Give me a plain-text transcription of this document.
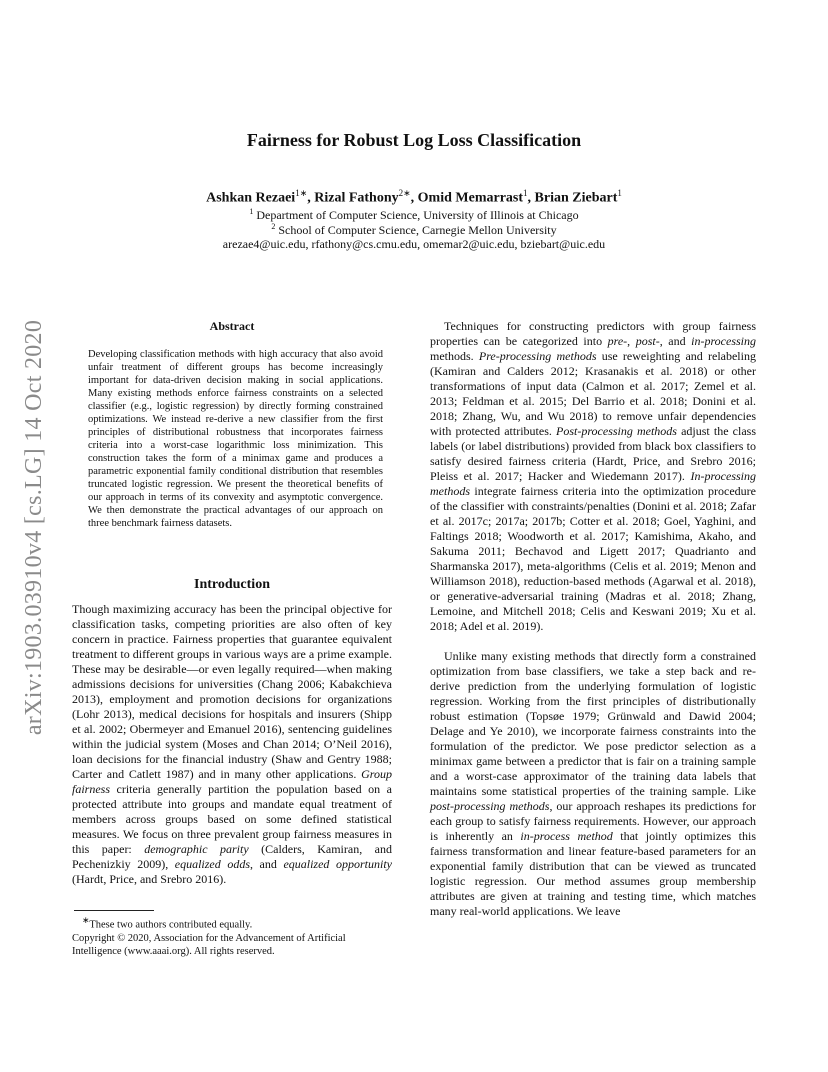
arXiv:1903.03910v4 [cs.LG] 14 Oct 2020
Fairness for Robust Log Loss Classification
Ashkan Rezaei$^{1∗}$, Rizal Fathony$^{2∗}$, Omid Memarrast$^1$, Brian Ziebart$^1$
$^1$ Department of Computer Science, University of Illinois at Chicago
$^2$ School of Computer Science, Carnegie Mellon University
arezae4@uic.edu, rfathony@cs.cmu.edu, omemar2@uic.edu, bziebart@uic.edu
Abstract

Developing classification methods with high accuracy that also avoid unfair treatment of different groups has become increasingly important for data-driven decision making in social applications. Many existing methods enforce fairness constraints on a selected classifier (e.g., logistic regression) by directly forming constrained optimizations. We instead re-derive a new classifier from the first principles of distributional robustness that incorporates fairness criteria into a worst-case logarithmic loss minimization. This construction takes the form of a minimax game and produces a parametric exponential family conditional distribution that resembles truncated logistic regression. We present the theoretical benefits of our approach in terms of its convexity and asymptotic convergence. We then demonstrate the practical advantages of our approach on three benchmark fairness datasets.

Introduction

Though maximizing accuracy has been the principal objective for classification tasks, competing priorities are also often of key concern in practice. Fairness properties that guarantee equivalent treatment to different groups in various ways are a prime example. These may be desirable—or even legally required—when making admissions decisions for universities (Chang 2006; Kabakchieva 2013), employment and promotion decisions for organizations (Lohr 2013), medical decisions for hospitals and insurers (Shipp et al. 2002; Obermeyer and Emanuel 2016), sentencing guidelines within the judicial system (Moses and Chan 2014; O’Neil 2016), loan decisions for the financial industry (Shaw and Gentry 1988; Carter and Catlett 1987) and in many other applications. Group fairness criteria generally partition the population based on a protected attribute into groups and mandate equal treatment of members across groups based on some defined statistical measures. We focus on three prevalent group fairness measures in this paper: demographic parity (Calders, Kamiran, and Pechenizkiy 2009), equalized odds, and equalized opportunity (Hardt, Price, and Srebro 2016).

Techniques for constructing predictors with group fairness properties can be categorized into pre-, post-, and in-processing methods. Pre-processing methods use reweighting and relabeling (Kamiran and Calders 2012; Krasanakis et al. 2018) or other transformations of input data (Calmon et al. 2017; Zemel et al. 2013; Feldman et al. 2015; Del Barrio et al. 2018; Donini et al. 2018; Zhang, Wu, and Wu 2018) to remove unfair dependencies with protected attributes. Post-processing methods adjust the class labels (or label distributions) provided from black box classifiers to satisfy desired fairness criteria (Hardt, Price, and Srebro 2016; Pleiss et al. 2017; Hacker and Wiedemann 2017). In-processing methods integrate fairness criteria into the optimization procedure of the classifier with constraints/penalties (Donini et al. 2018; Zafar et al. 2017c; 2017a; 2017b; Cotter et al. 2018; Goel, Yaghini, and Faltings 2018; Woodworth et al. 2017; Kamishima, Akaho, and Sakuma 2011; Bechavod and Ligett 2017; Quadrianto and Sharmanska 2017), meta-algorithms (Celis et al. 2019; Menon and Williamson 2018), reduction-based methods (Agarwal et al. 2018), or generative-adversarial training (Madras et al. 2018; Zhang, Lemoine, and Mitchell 2018; Celis and Keswani 2019; Xu et al. 2018; Adel et al. 2019).

Unlike many existing methods that directly form a constrained optimization from base classifiers, we take a step back and re-derive prediction from the underlying formulation of logistic regression. Working from the first principles of distributionally robust estimation (Topsøe 1979; Grünwald and Dawid 2004; Delage and Ye 2010), we incorporate fairness constraints into the formulation of the predictor. We pose predictor selection as a minimax game between a predictor that is fair on a training sample and a worst-case approximator of the training data labels that maintains some statistical properties of the training sample. Like post-processing methods, our approach reshapes its predictions for each group to satisfy fairness requirements. However, our approach is inherently an in-process method that jointly optimizes this fairness transformation and linear feature-based parameters for an exponential family distribution that can be viewed as truncated logistic regression. Our method assumes group membership attributes are given at training and testing time, which matches many real-world applications. We leave

∗These two authors contributed equally.

Copyright © 2020, Association for the Advancement of Artificial Intelligence (www.aaai.org). All rights reserved.
